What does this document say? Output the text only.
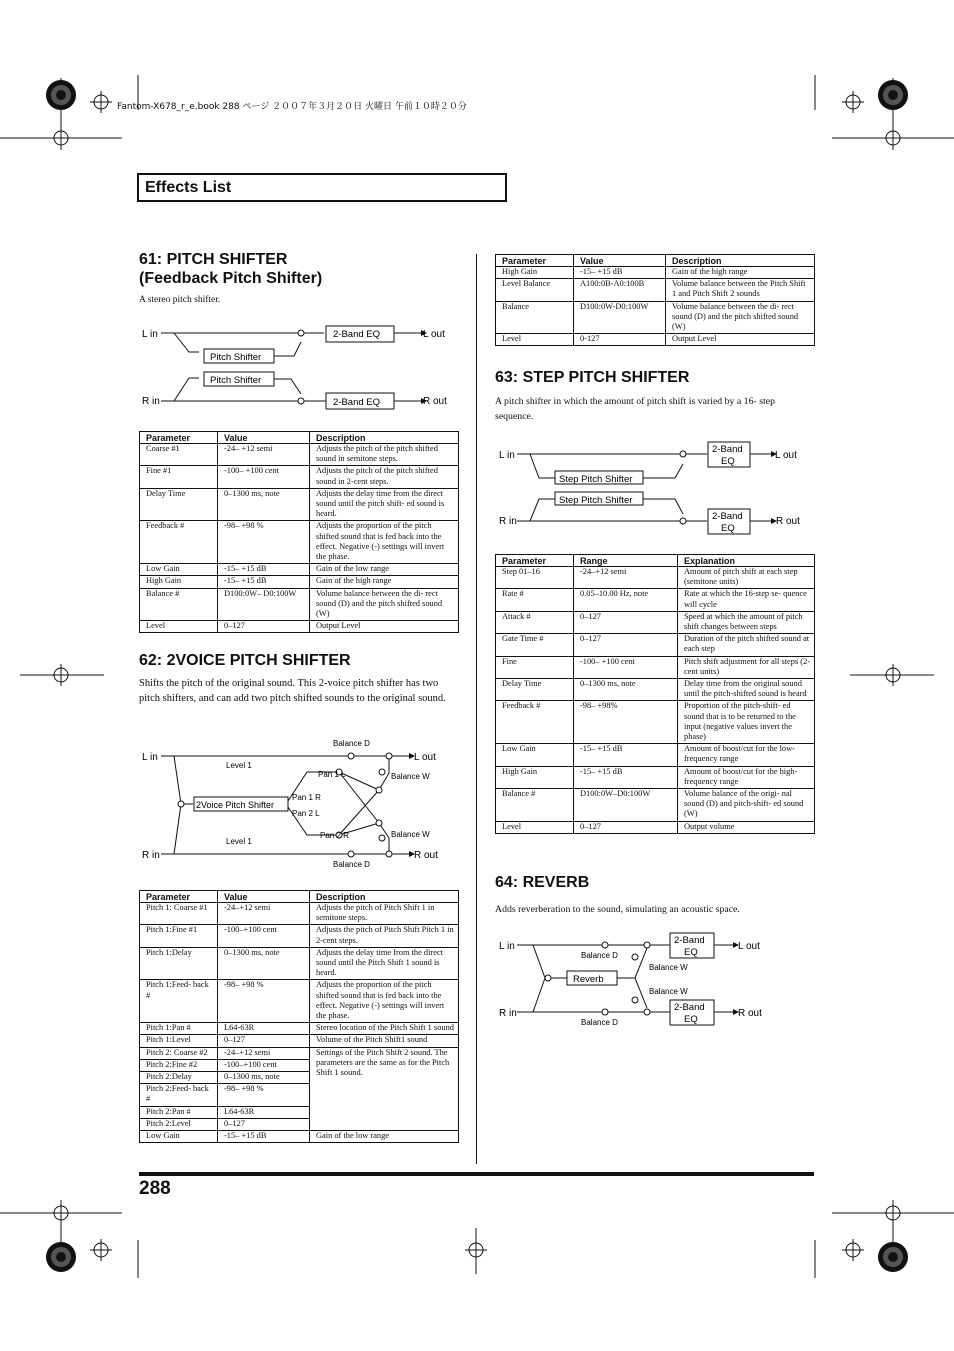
Fantom-X678_r_e.book 288 ページ ２００７年３月２０日 火曜日 午前１０時２０分
Effects List
61: PITCH SHIFTER
(Feedback Pitch Shifter)
A stereo pitch shifter.
L in
R in
L out
R out
Pitch Shifter
Pitch Shifter
2-Band EQ
2-Band EQ
Parameter	Value	Description
Coarse #1	-24– +12 semi	Adjusts the pitch of the pitch shifted sound in semitone steps.
Fine #1	-100– +100 cent	Adjusts the pitch of the pitch shifted sound in 2-cent steps.
Delay Time	0–1300 ms, note	Adjusts the delay time from the direct sound until the pitch shift- ed sound is heard.
Feedback #	-98– +98 %	Adjusts the proportion of the pitch shifted sound that is fed back into the effect. Negative (-) settings will invert the phase.
Low Gain	-15– +15 dB	Gain of the low range
High Gain	-15– +15 dB	Gain of the high range
Balance #	D100:0W– D0:100W	Volume balance between the di- rect sound (D) and the pitch shifted sound (W)
Level	0–127	Output Level
62: 2VOICE PITCH SHIFTER
Shifts the pitch of the original sound. This 2-voice pitch shifter has two pitch shifters, and can add two pitch shifted sounds to the original sound.
L in
R in
L out
R out
Balance D
Balance D
Balance W
Balance W
Level 1
Level 1
Pan 1 L
Pan 1 R
Pan 2 L
Pan 2 R
2Voice Pitch Shifter
Parameter	Value	Description
Pitch 1: Coarse #1	-24–+12 semi	Adjusts the pitch of Pitch Shift 1 in semitone steps.
Pitch 1:Fine #1	-100–+100 cent	Adjusts the pitch of Pitch Shift Pitch 1 in 2-cent steps.
Pitch 1:Delay	0–1300 ms, note	Adjusts the delay time from the direct sound until the Pitch Shift 1 sound is heard.
Pitch 1:Feed- back #	-98– +98 %	Adjusts the proportion of the pitch shifted sound that is fed back into the effect. Negative (-) settings will invert the phase.
Pitch 1:Pan #	L64-63R	Stereo location of the Pitch Shift 1 sound
Pitch 1:Level	0–127	Volume of the Pitch Shift1 sound
Pitch 2: Coarse #2	-24–+12 semi	Settings of the Pitch Shift 2 sound. The parameters are the same as for the Pitch Shift 1 sound.
Pitch 2:Fine #2	-100–+100 cent	
Pitch 2:Delay	0–1300 ms, note	
Pitch 2:Feed- back #	-98– +98 %	
Pitch 2:Pan #	L64-63R	
Pitch 2:Level	0–127	
Low Gain	-15– +15 dB	Gain of the low range
Parameter	Value	Description
High Gain	-15– +15 dB	Gain of the high range
Level Balance	A100:0B-A0:100B	Volume balance between the Pitch Shift 1 and Pitch Shift 2 sounds
Balance	D100:0W-D0:100W	Volume balance between the di- rect sound (D) and the pitch shifted sound (W)
Level	0-127	Output Level
63: STEP PITCH SHIFTER
A pitch shifter in which the amount of pitch shift is varied by a 16- step sequence.
L in
R in
L out
R out
Step Pitch Shifter
Step Pitch Shifter
2-Band
EQ
2-Band
EQ
Parameter	Range	Explanation
Step 01–16	-24–+12 semi	Amount of pitch shift at each step (semitone units)
Rate #	0.05–10.00 Hz, note	Rate at which the 16-step se- quence will cycle
Attack #	0–127	Speed at which the amount of pitch shift changes between steps
Gate Time #	0–127	Duration of the pitch shifted sound at each step
Fine	-100– +100 cent	Pitch shift adjustment for all steps (2-cent units)
Delay Time	0–1300 ms, note	Delay time from the original sound until the pitch-shifted sound is heard
Feedback #	-98– +98%	Proportion of the pitch-shift- ed sound that is to be returned to the input (negative values invert the phase)
Low Gain	-15– +15 dB	Amount of boost/cut for the low-frequency range
High Gain	-15– +15 dB	Amount of boost/cut for the high-frequency range
Balance #	D100:0W–D0:100W	Volume balance of the origi- nal sound (D) and pitch-shift- ed sound (W)
Level	0–127	Output volume
64: REVERB
Adds reverberation to the sound, simulating an acoustic space.
L in
R in
L out
R out
Reverb
Balance D
Balance D
Balance W
Balance W
2-Band
EQ
2-Band
EQ
288
